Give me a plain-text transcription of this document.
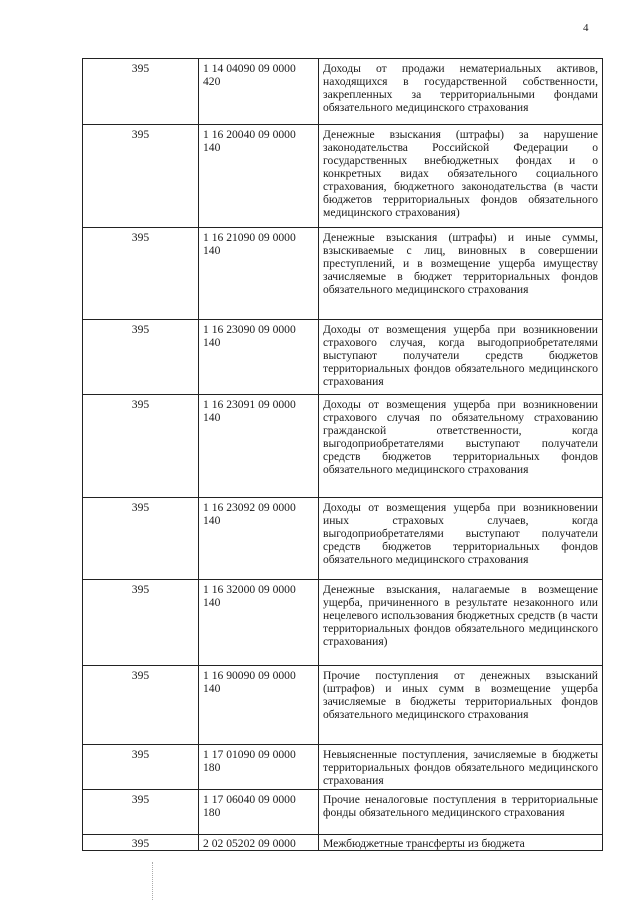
4
395	1 14 04090 09 0000 420	Доходы от продажи нематериальных активов, находящихся в государственной собственности, закрепленных за территориальными фондами обязательного медицинского страхования
395	1 16 20040 09 0000 140	Денежные взыскания (штрафы) за нарушение законодательства Российской Федерации о государственных внебюджетных фондах и о конкретных видах обязательного социального страхования, бюджетного законодательства (в части бюджетов территориальных фондов обязательного медицинского страхования)
395	1 16 21090 09 0000 140	Денежные взыскания (штрафы) и иные суммы, взыскиваемые с лиц, виновных в совершении преступлений, и в возмещение ущерба имуществу зачисляемые в бюджет территориальных фондов обязательного медицинского страхования
395	1 16 23090 09 0000 140	Доходы от возмещения ущерба при возникновении страхового случая, когда выгодоприобретателями выступают получатели средств бюджетов территориальных фондов обязательного медицинского страхования
395	1 16 23091 09 0000 140	Доходы от возмещения ущерба при возникновении страхового случая по обязательному страхованию гражданской ответственности, когда выгодоприобретателями выступают получатели средств бюджетов территориальных фондов обязательного медицинского страхования
395	1 16 23092 09 0000 140	Доходы от возмещения ущерба при возникновении иных страховых случаев, когда выгодоприобретателями выступают получатели средств бюджетов территориальных фондов обязательного медицинского страхования
395	1 16 32000 09 0000 140	Денежные взыскания, налагаемые в возмещение ущерба, причиненного в результате незаконного или нецелевого использования бюджетных средств (в части территориальных фондов обязательного медицинского страхования)
395	1 16 90090 09 0000 140	Прочие поступления от денежных взысканий (штрафов) и иных сумм в возмещение ущерба зачисляемые в бюджеты территориальных фондов обязательного медицинского страхования
395	1 17 01090 09 0000 180	Невыясненные поступления, зачисляемые в бюджеты территориальных фондов обязательного медицинского страхования
395	1 17 06040 09 0000 180	Прочие неналоговые поступления в территориальные фонды обязательного медицинского страхования
395	2 02 05202 09 0000	Межбюджетные трансферты из бюджета
